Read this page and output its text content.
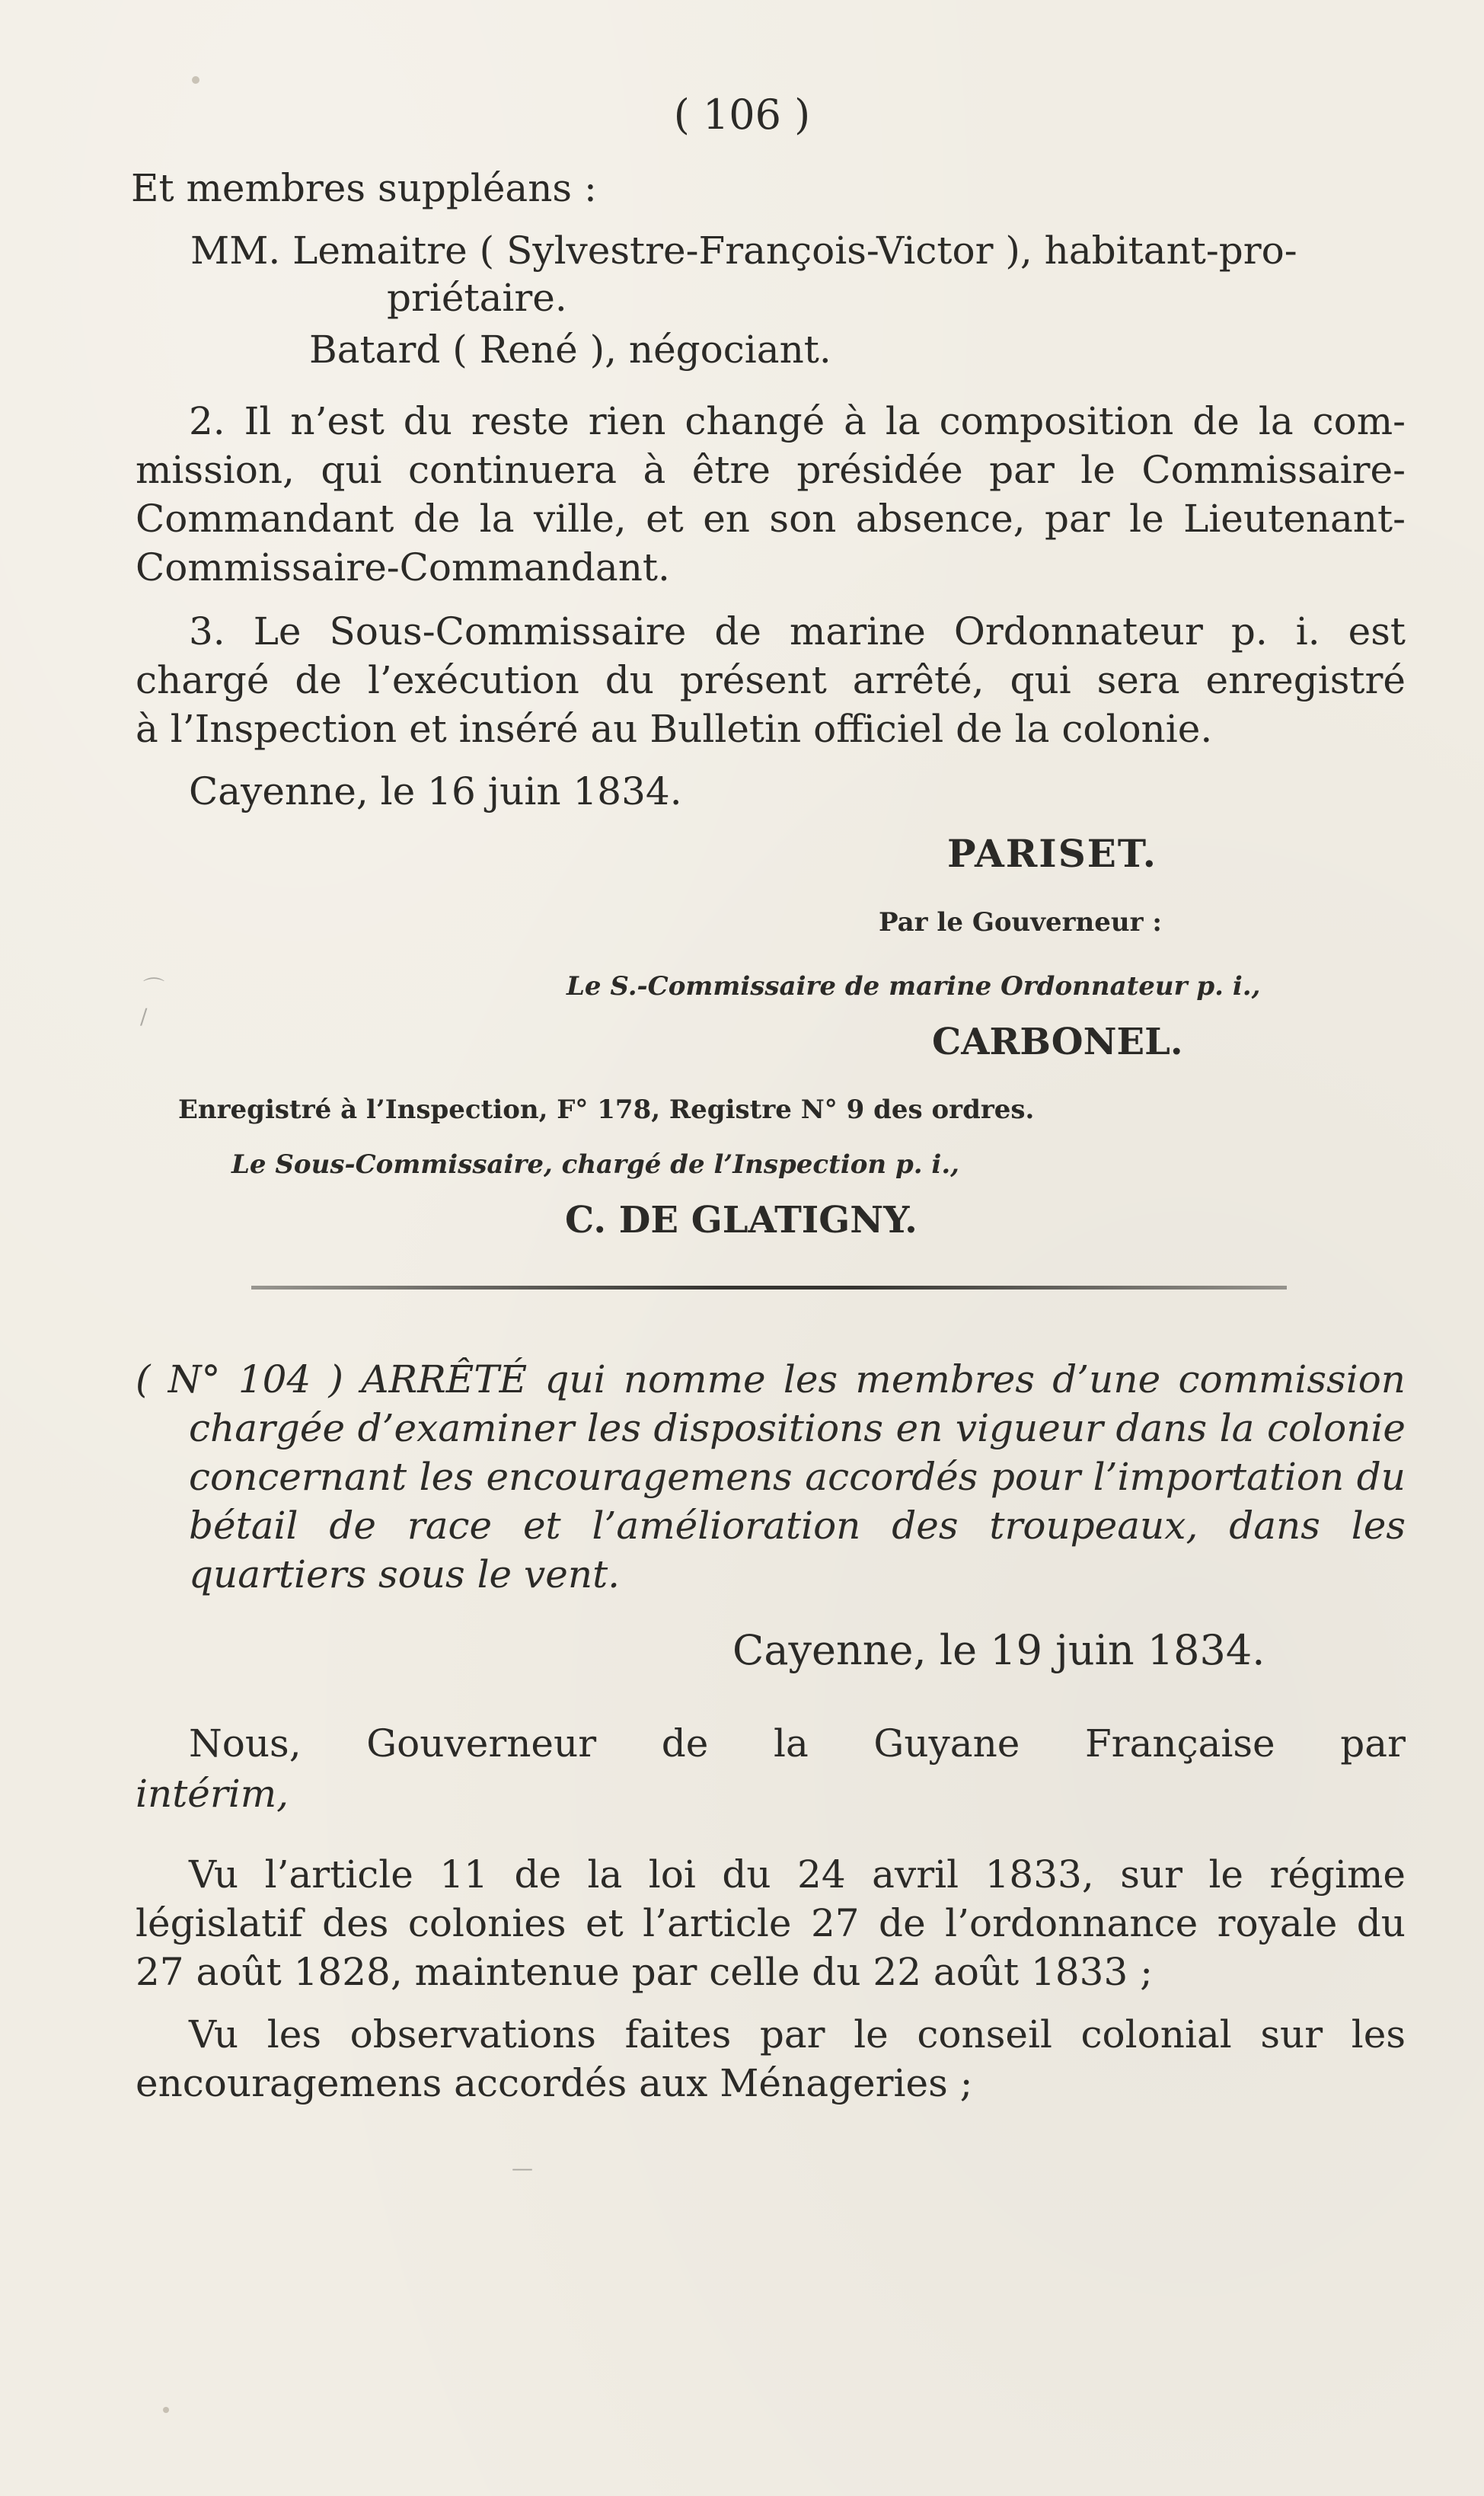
( 106 )
Et membres suppléans :
MM. Lemaitre ( Sylvestre-François-Victor ), habitant-pro-
priétaire.
Batard ( René ), négociant.
2. Il n’est du reste rien changé à la composition de la com-
mission, qui continuera à être présidée par le Commissaire-
Commandant de la ville, et en son absence, par le Lieutenant-
Commissaire-Commandant.
3. Le Sous-Commissaire de marine Ordonnateur p. i. est
chargé de l’exécution du présent arrêté, qui sera enregistré
à l’Inspection et inséré au Bulletin officiel de la colonie.
Cayenne, le 16 juin 1834.
PARISET.
Par le Gouverneur :
Le S.-Commissaire de marine Ordonnateur p. i.,
CARBONEL.
Enregistré à l’Inspection, F° 178, Registre N° 9 des ordres.
Le Sous-Commissaire, chargé de l’Inspection p. i.,
C. DE GLATIGNY.
( N° 104 ) ARRÊTÉ qui nomme les membres d’une commission
chargée d’examiner les dispositions en vigueur dans la colonie
concernant les encouragemens accordés pour l’importation du
bétail de race et l’amélioration des troupeaux, dans les
quartiers sous le vent.
Cayenne, le 19 juin 1834.
Nous, Gouverneur de la Guyane Française par
intérim,
Vu l’article 11 de la loi du 24 avril 1833, sur le régime
législatif des colonies et l’article 27 de l’ordonnance royale du
27 août 1828, maintenue par celle du 22 août 1833 ;
Vu les observations faites par le conseil colonial sur les
encouragemens accordés aux Ménageries ;
∕
⌒
—
